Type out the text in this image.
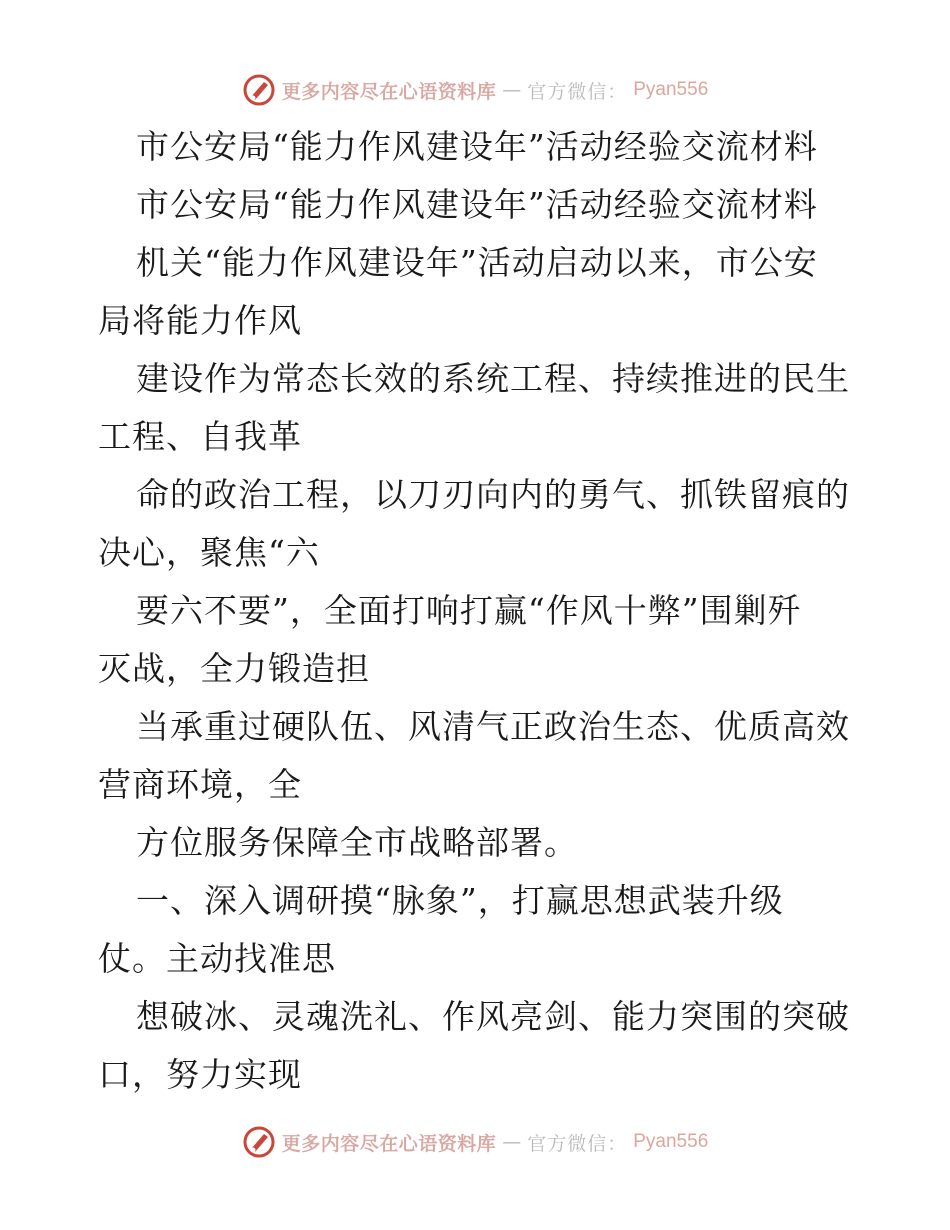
更多内容尽在心语资料库 — 官方微信： Pyan556
市公安局“能力作风建设年”活动经验交流材料
市公安局“能力作风建设年”活动经验交流材料
机关“能力作风建设年”活动启动以来，市公安
局将能力作风
建设作为常态长效的系统工程、持续推进的民生
工程、自我革
命的政治工程，以刀刃向内的勇气、抓铁留痕的
决心，聚焦“六
要六不要”，全面打响打赢“作风十弊”围剿歼
灭战，全力锻造担
当承重过硬队伍、风清气正政治生态、优质高效
营商环境，全
方位服务保障全市战略部署。
一、深入调研摸“脉象”，打赢思想武装升级
仗。主动找准思
想破冰、灵魂洗礼、作风亮剑、能力突围的突破
口，努力实现
更多内容尽在心语资料库 — 官方微信： Pyan556
